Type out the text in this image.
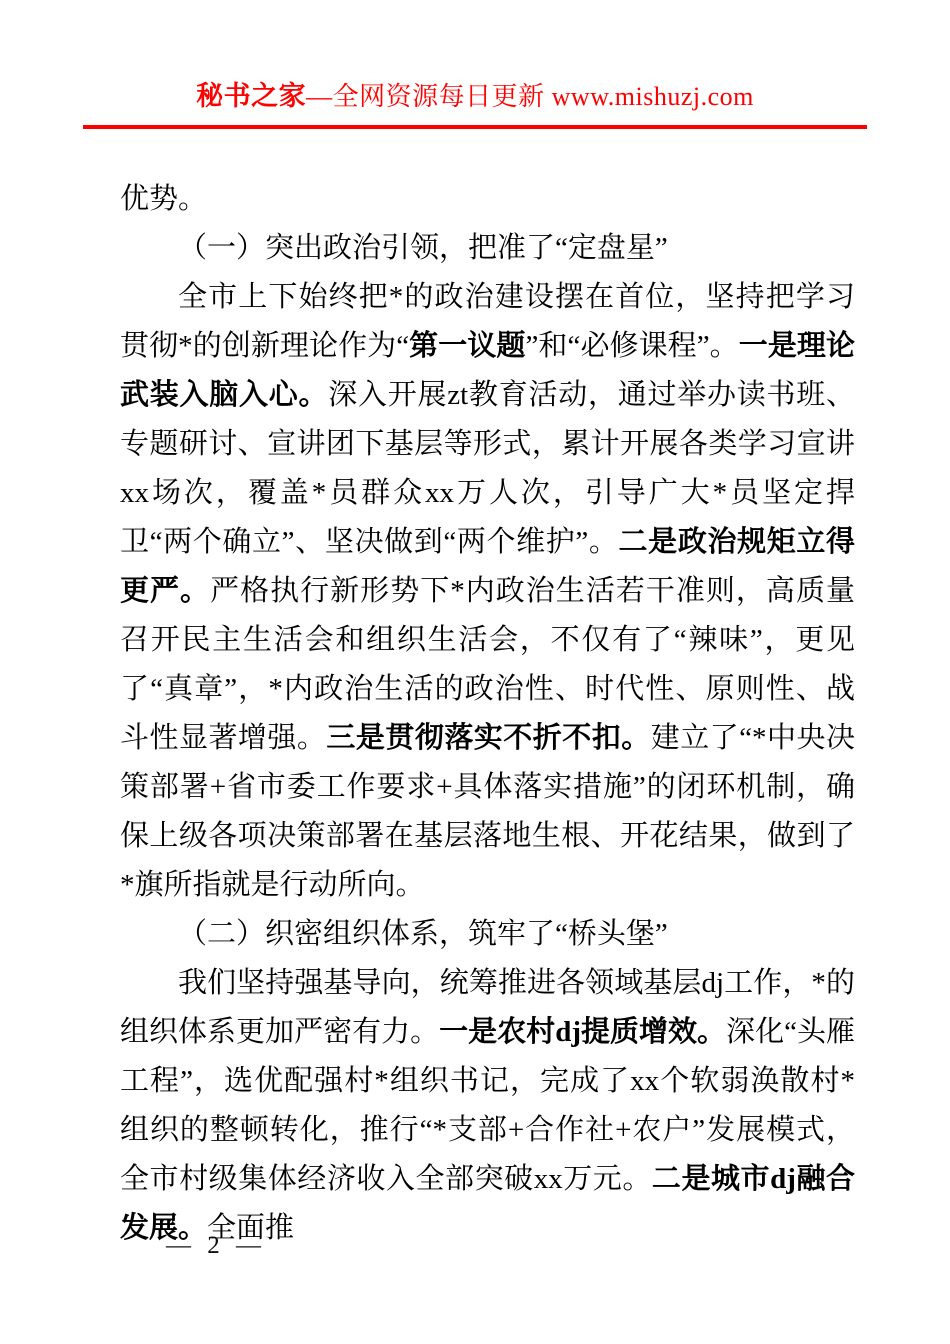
秘书之家—全网资源每日更新 www.mishuzj.com

优势。

（一）突出政治引领，把准了“定盘星”

全市上下始终把*的政治建设摆在首位，坚持把学习贯彻*的创新理论作为“第一议题”和“必修课程”。一是理论武装入脑入心。深入开展zt教育活动，通过举办读书班、专题研讨、宣讲团下基层等形式，累计开展各类学习宣讲xx场次，覆盖*员群众xx万人次，引导广大*员坚定捍卫“两个确立”、坚决做到“两个维护”。二是政治规矩立得更严。严格执行新形势下*内政治生活若干准则，高质量召开民主生活会和组织生活会，不仅有了“辣味”，更见了“真章”，*内政治生活的政治性、时代性、原则性、战斗性显著增强。三是贯彻落实不折不扣。建立了“*中央决策部署+省市委工作要求+具体落实措施”的闭环机制，确保上级各项决策部署在基层落地生根、开花结果，做到了*旗所指就是行动所向。

（二）织密组织体系，筑牢了“桥头堡”

我们坚持强基导向，统筹推进各领域基层dj工作，*的组织体系更加严密有力。一是农村dj提质增效。深化“头雁工程”，选优配强村*组织书记，完成了xx个软弱涣散村*组织的整顿转化，推行“*支部+合作社+农户”发展模式，全市村级集体经济收入全部突破xx万元。二是城市dj融合发展。全面推

— 2 —
